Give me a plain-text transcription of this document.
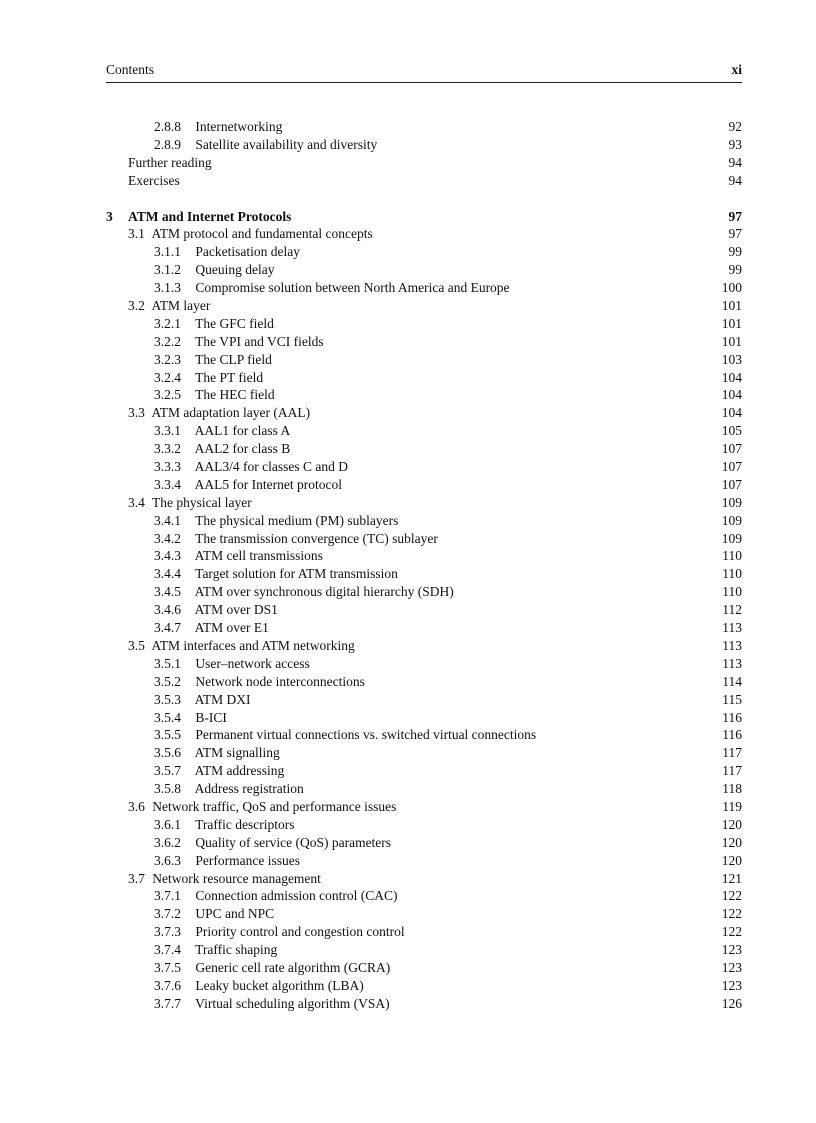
Contents	xi
2.8.8 Internetworking	92
2.8.9 Satellite availability and diversity	93
Further reading	94
Exercises	94
3 ATM and Internet Protocols	97
3.1 ATM protocol and fundamental concepts	97
3.1.1 Packetisation delay	99
3.1.2 Queuing delay	99
3.1.3 Compromise solution between North America and Europe	100
3.2 ATM layer	101
3.2.1 The GFC field	101
3.2.2 The VPI and VCI fields	101
3.2.3 The CLP field	103
3.2.4 The PT field	104
3.2.5 The HEC field	104
3.3 ATM adaptation layer (AAL)	104
3.3.1 AAL1 for class A	105
3.3.2 AAL2 for class B	107
3.3.3 AAL3/4 for classes C and D	107
3.3.4 AAL5 for Internet protocol	107
3.4 The physical layer	109
3.4.1 The physical medium (PM) sublayers	109
3.4.2 The transmission convergence (TC) sublayer	109
3.4.3 ATM cell transmissions	110
3.4.4 Target solution for ATM transmission	110
3.4.5 ATM over synchronous digital hierarchy (SDH)	110
3.4.6 ATM over DS1	112
3.4.7 ATM over E1	113
3.5 ATM interfaces and ATM networking	113
3.5.1 User–network access	113
3.5.2 Network node interconnections	114
3.5.3 ATM DXI	115
3.5.4 B-ICI	116
3.5.5 Permanent virtual connections vs. switched virtual connections	116
3.5.6 ATM signalling	117
3.5.7 ATM addressing	117
3.5.8 Address registration	118
3.6 Network traffic, QoS and performance issues	119
3.6.1 Traffic descriptors	120
3.6.2 Quality of service (QoS) parameters	120
3.6.3 Performance issues	120
3.7 Network resource management	121
3.7.1 Connection admission control (CAC)	122
3.7.2 UPC and NPC	122
3.7.3 Priority control and congestion control	122
3.7.4 Traffic shaping	123
3.7.5 Generic cell rate algorithm (GCRA)	123
3.7.6 Leaky bucket algorithm (LBA)	123
3.7.7 Virtual scheduling algorithm (VSA)	126
